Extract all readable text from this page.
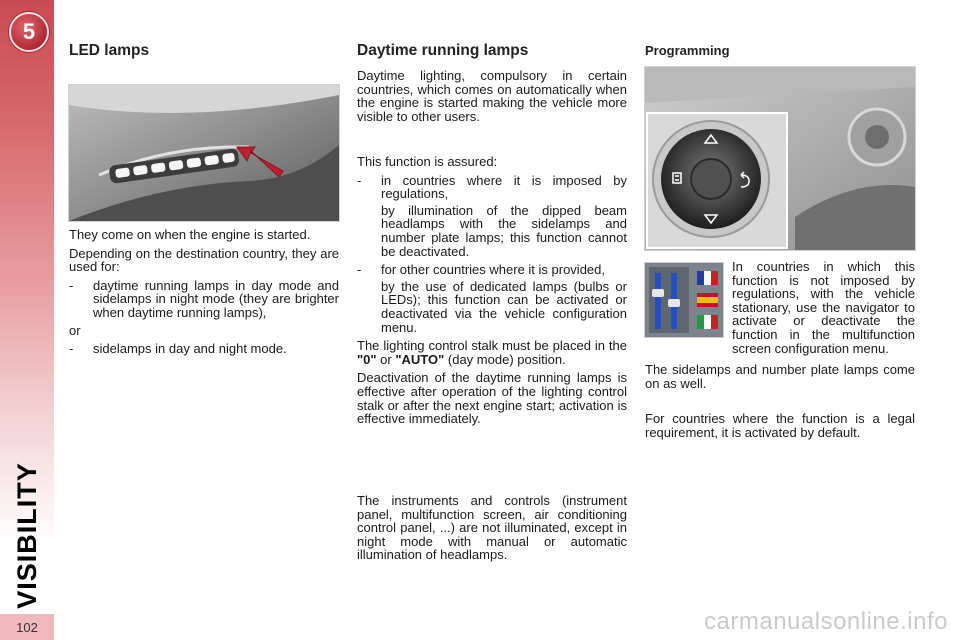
5
VISIBILITY
102
LED lamps

They come on when the engine is started.

Depending on the destination country, they are used for:

-	daytime running lamps in day mode and sidelamps in night mode (they are brighter when daytime running lamps),

or

-	sidelamps in day and night mode.
Daytime running lamps

Daytime lighting, compulsory in certain countries, which comes on automatically when the engine is started making the vehicle more visible to other users.

This function is assured:

-	in countries where it is imposed by regulations,

by illumination of the dipped beam headlamps with the sidelamps and number plate lamps; this function cannot be deactivated.

-	for other countries where it is provided,

by the use of dedicated lamps (bulbs or LEDs); this function can be activated or deactivated via the vehicle configuration menu.

The lighting control stalk must be placed in the "0" or "AUTO" (day mode) position.

Deactivation of the daytime running lamps is effective after operation of the lighting control stalk or after the next engine start; activation is effective immediately.

The instruments and controls (instrument panel, multifunction screen, air conditioning control panel, ...) are not illuminated, except in night mode with manual or automatic illumination of headlamps.

Programming

In countries in which this function is not imposed by regulations, with the vehicle stationary, use the navigator to activate or deactivate the function in the multifunction screen configuration menu.

The sidelamps and number plate lamps come on as well.

For countries where the function is a legal requirement, it is activated by default.

carmanualsonline.info
